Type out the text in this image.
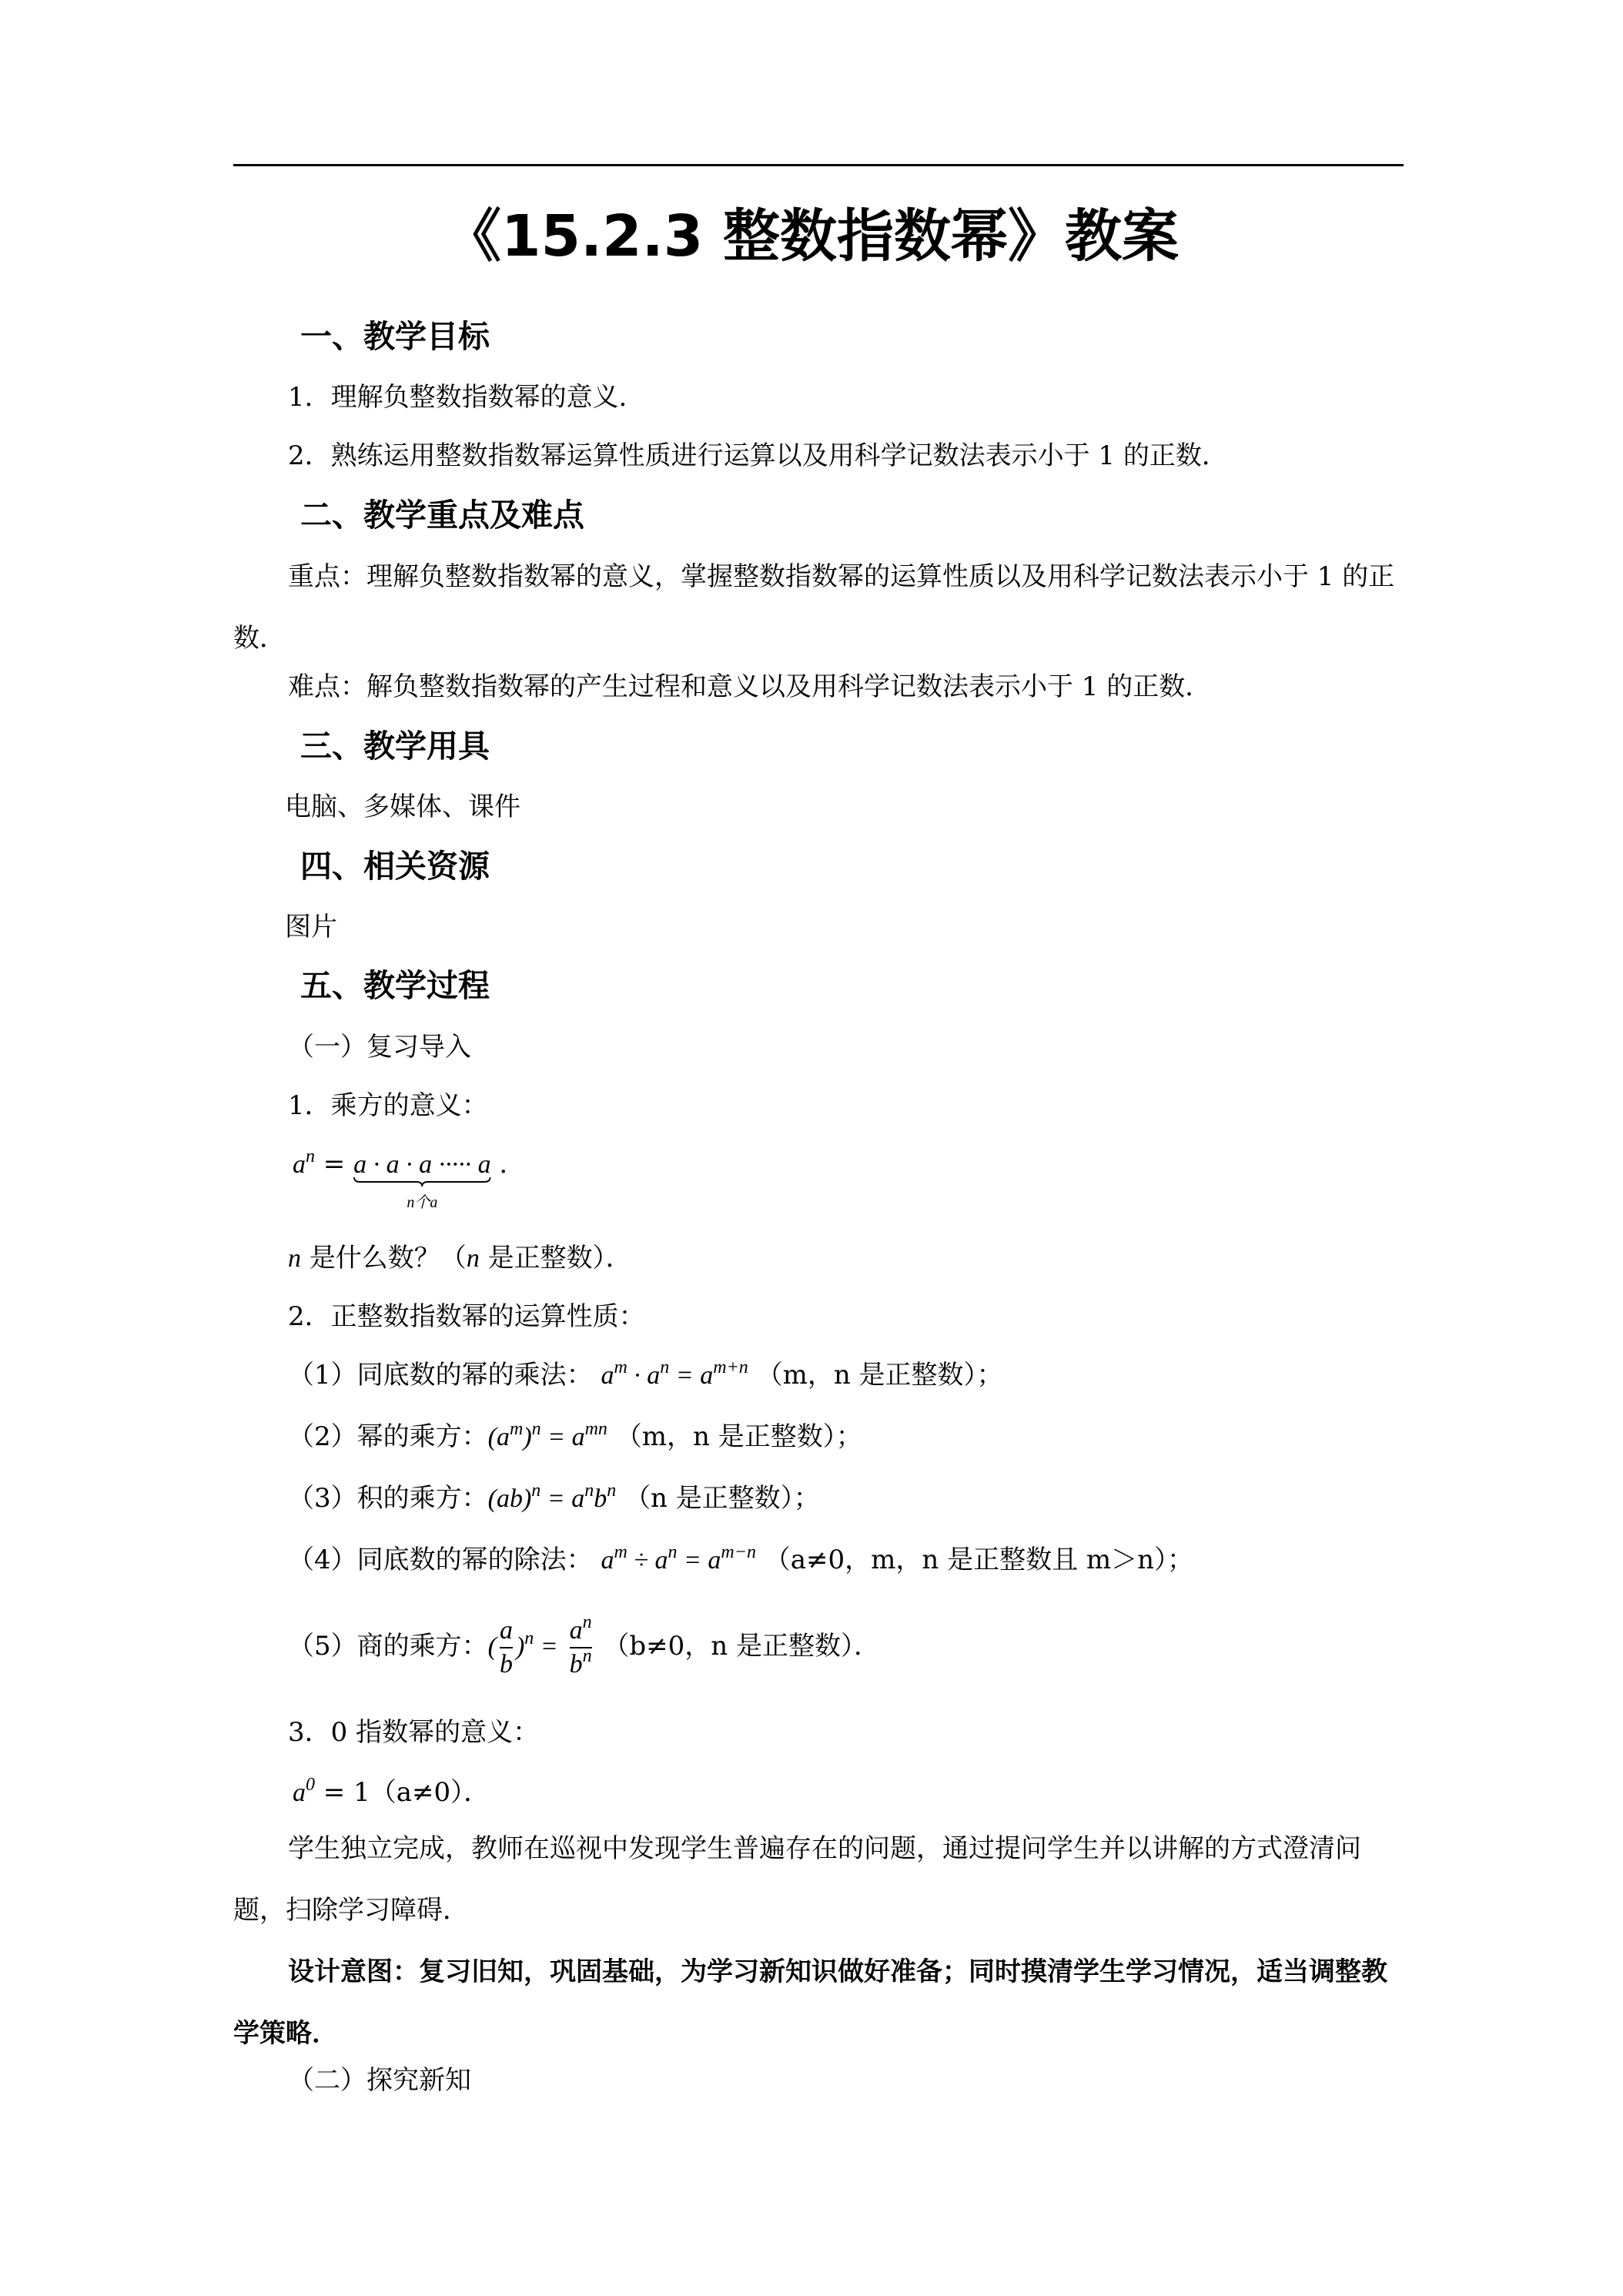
《15.2.3 整数指数幂》教案
一、教学目标
1．理解负整数指数幂的意义．
2．熟练运用整数指数幂运算性质进行运算以及用科学记数法表示小于 1 的正数．
二、教学重点及难点
重点：理解负整数指数幂的意义，掌握整数指数幂的运算性质以及用科学记数法表示小于 1 的正数．
难点：解负整数指数幂的产生过程和意义以及用科学记数法表示小于 1 的正数．
三、教学用具
电脑、多媒体、课件
四、相关资源
图片
五、教学过程
（一）复习导入
1．乘方的意义：
$a^n = a \cdot a \cdot a$ ····· a
n个a
.
n 是什么数？（n 是正整数）．
2．正整数指数幂的运算性质：
（1）同底数的幂的乘法： $a^m \cdot a^n = a^{m+n}$ （m，n 是正整数）；
（2）幂的乘方：$(a^m)^n = a^{mn}$ （m，n 是正整数）；
（3）积的乘方：$(ab)^n = a^nb^n$ （n 是正整数）；
（4）同底数的幂的除法： $a^m \div a^n = a^{m-n}$ （a≠0，m，n 是正整数且 m＞n）；
（5）商的乘方：( $\frac{a}{b} )^n = \frac{a^n}{b^n} (b\ne 0$，n 是正整数）．
3．0 指数幂的意义：
$a^0 = 1(a\ne 0)$．
学生独立完成，教师在巡视中发现学生普遍存在的问题，通过提问学生并以讲解的方式澄清问题，扫除学习障碍．
设计意图：复习旧知，巩固基础，为学习新知识做好准备；同时摸清学生学习情况，适当调整教学策略．
（二）探究新知
